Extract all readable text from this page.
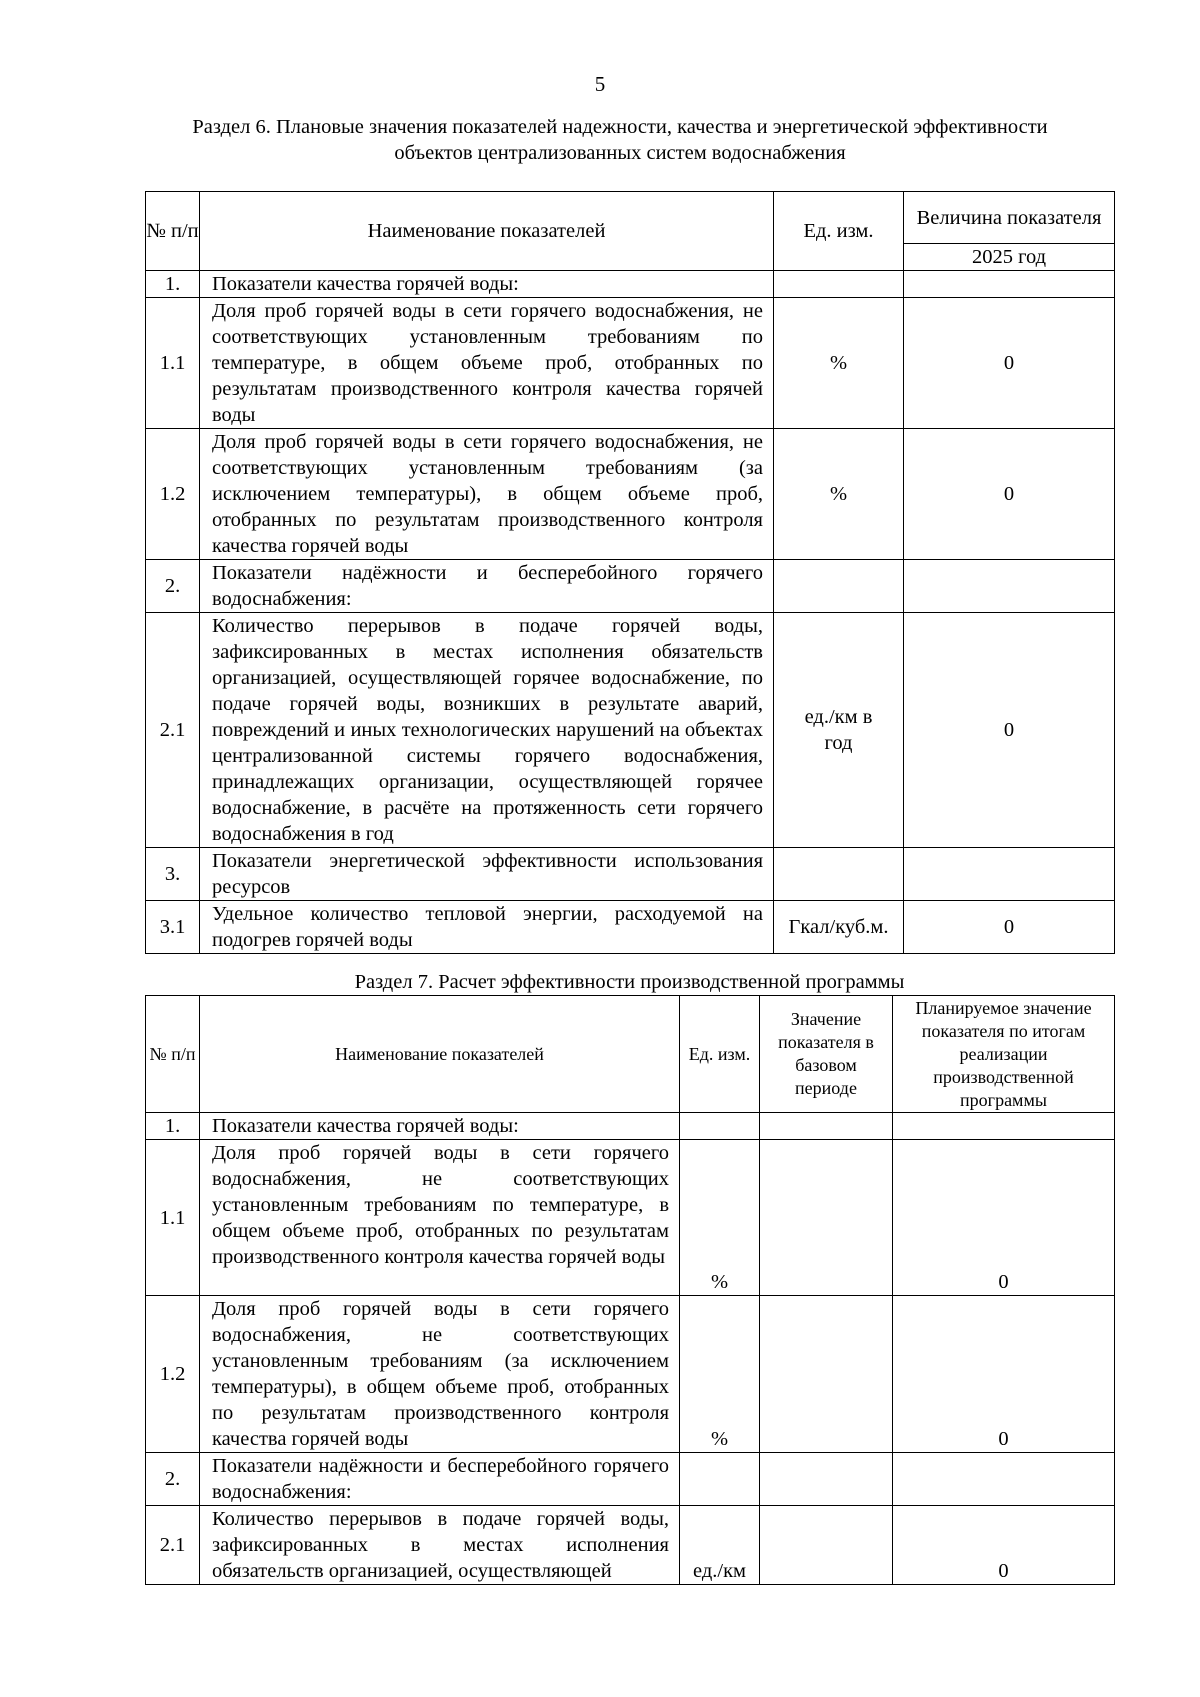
5
Раздел 6. Плановые значения показателей надежности, качества и энергетической эффективности
объектов централизованных систем водоснабжения
№ п/п	Наименование показателей	Ед. изм.	Величина показателя
			2025 год
1.	Показатели качества горячей воды:		
1.1	Доля проб горячей воды в сети горячего водоснабжения, не соответствующих установленным требованиям по температуре, в общем объеме проб, отобранных по результатам производственного контроля качества горячей воды	%	0
1.2	Доля проб горячей воды в сети горячего водоснабжения, не соответствующих установленным требованиям (за исключением температуры), в общем объеме проб, отобранных по результатам производственного контроля качества горячей воды	%	0
2.	Показатели надёжности и бесперебойного горячего водоснабжения:		
2.1	Количество перерывов в подаче горячей воды, зафиксированных в местах исполнения обязательств организацией, осуществляющей горячее водоснабжение, по подаче горячей воды, возникших в результате аварий, повреждений и иных технологических нарушений на объектах централизованной системы горячего водоснабжения, принадлежащих организации, осуществляющей горячее водоснабжение, в расчёте на протяженность сети горячего водоснабжения в год	ед./км в год	0
3.	Показатели энергетической эффективности использования ресурсов		
3.1	Удельное количество тепловой энергии, расходуемой на подогрев горячей воды	Гкал/куб.м.	0
Раздел 7. Расчет эффективности производственной программы
№ п/п	Наименование показателей	Ед. изм.	Значение показателя в базовом периоде	Планируемое значение показателя по итогам реализации производственной программы
1.	Показатели качества горячей воды:			
1.1	Доля проб горячей воды в сети горячего водоснабжения, не соответствующих установленным требованиям по температуре, в общем объеме проб, отобранных по результатам производственного контроля качества горячей воды	%		0
1.2	Доля проб горячей воды в сети горячего водоснабжения, не соответствующих установленным требованиям (за исключением температуры), в общем объеме проб, отобранных по результатам производственного контроля качества горячей воды	%		0
2.	Показатели надёжности и бесперебойного горячего водоснабжения:			
2.1	Количество перерывов в подаче горячей воды, зафиксированных в местах исполнения обязательств организацией, осуществляющей	ед./км		0
